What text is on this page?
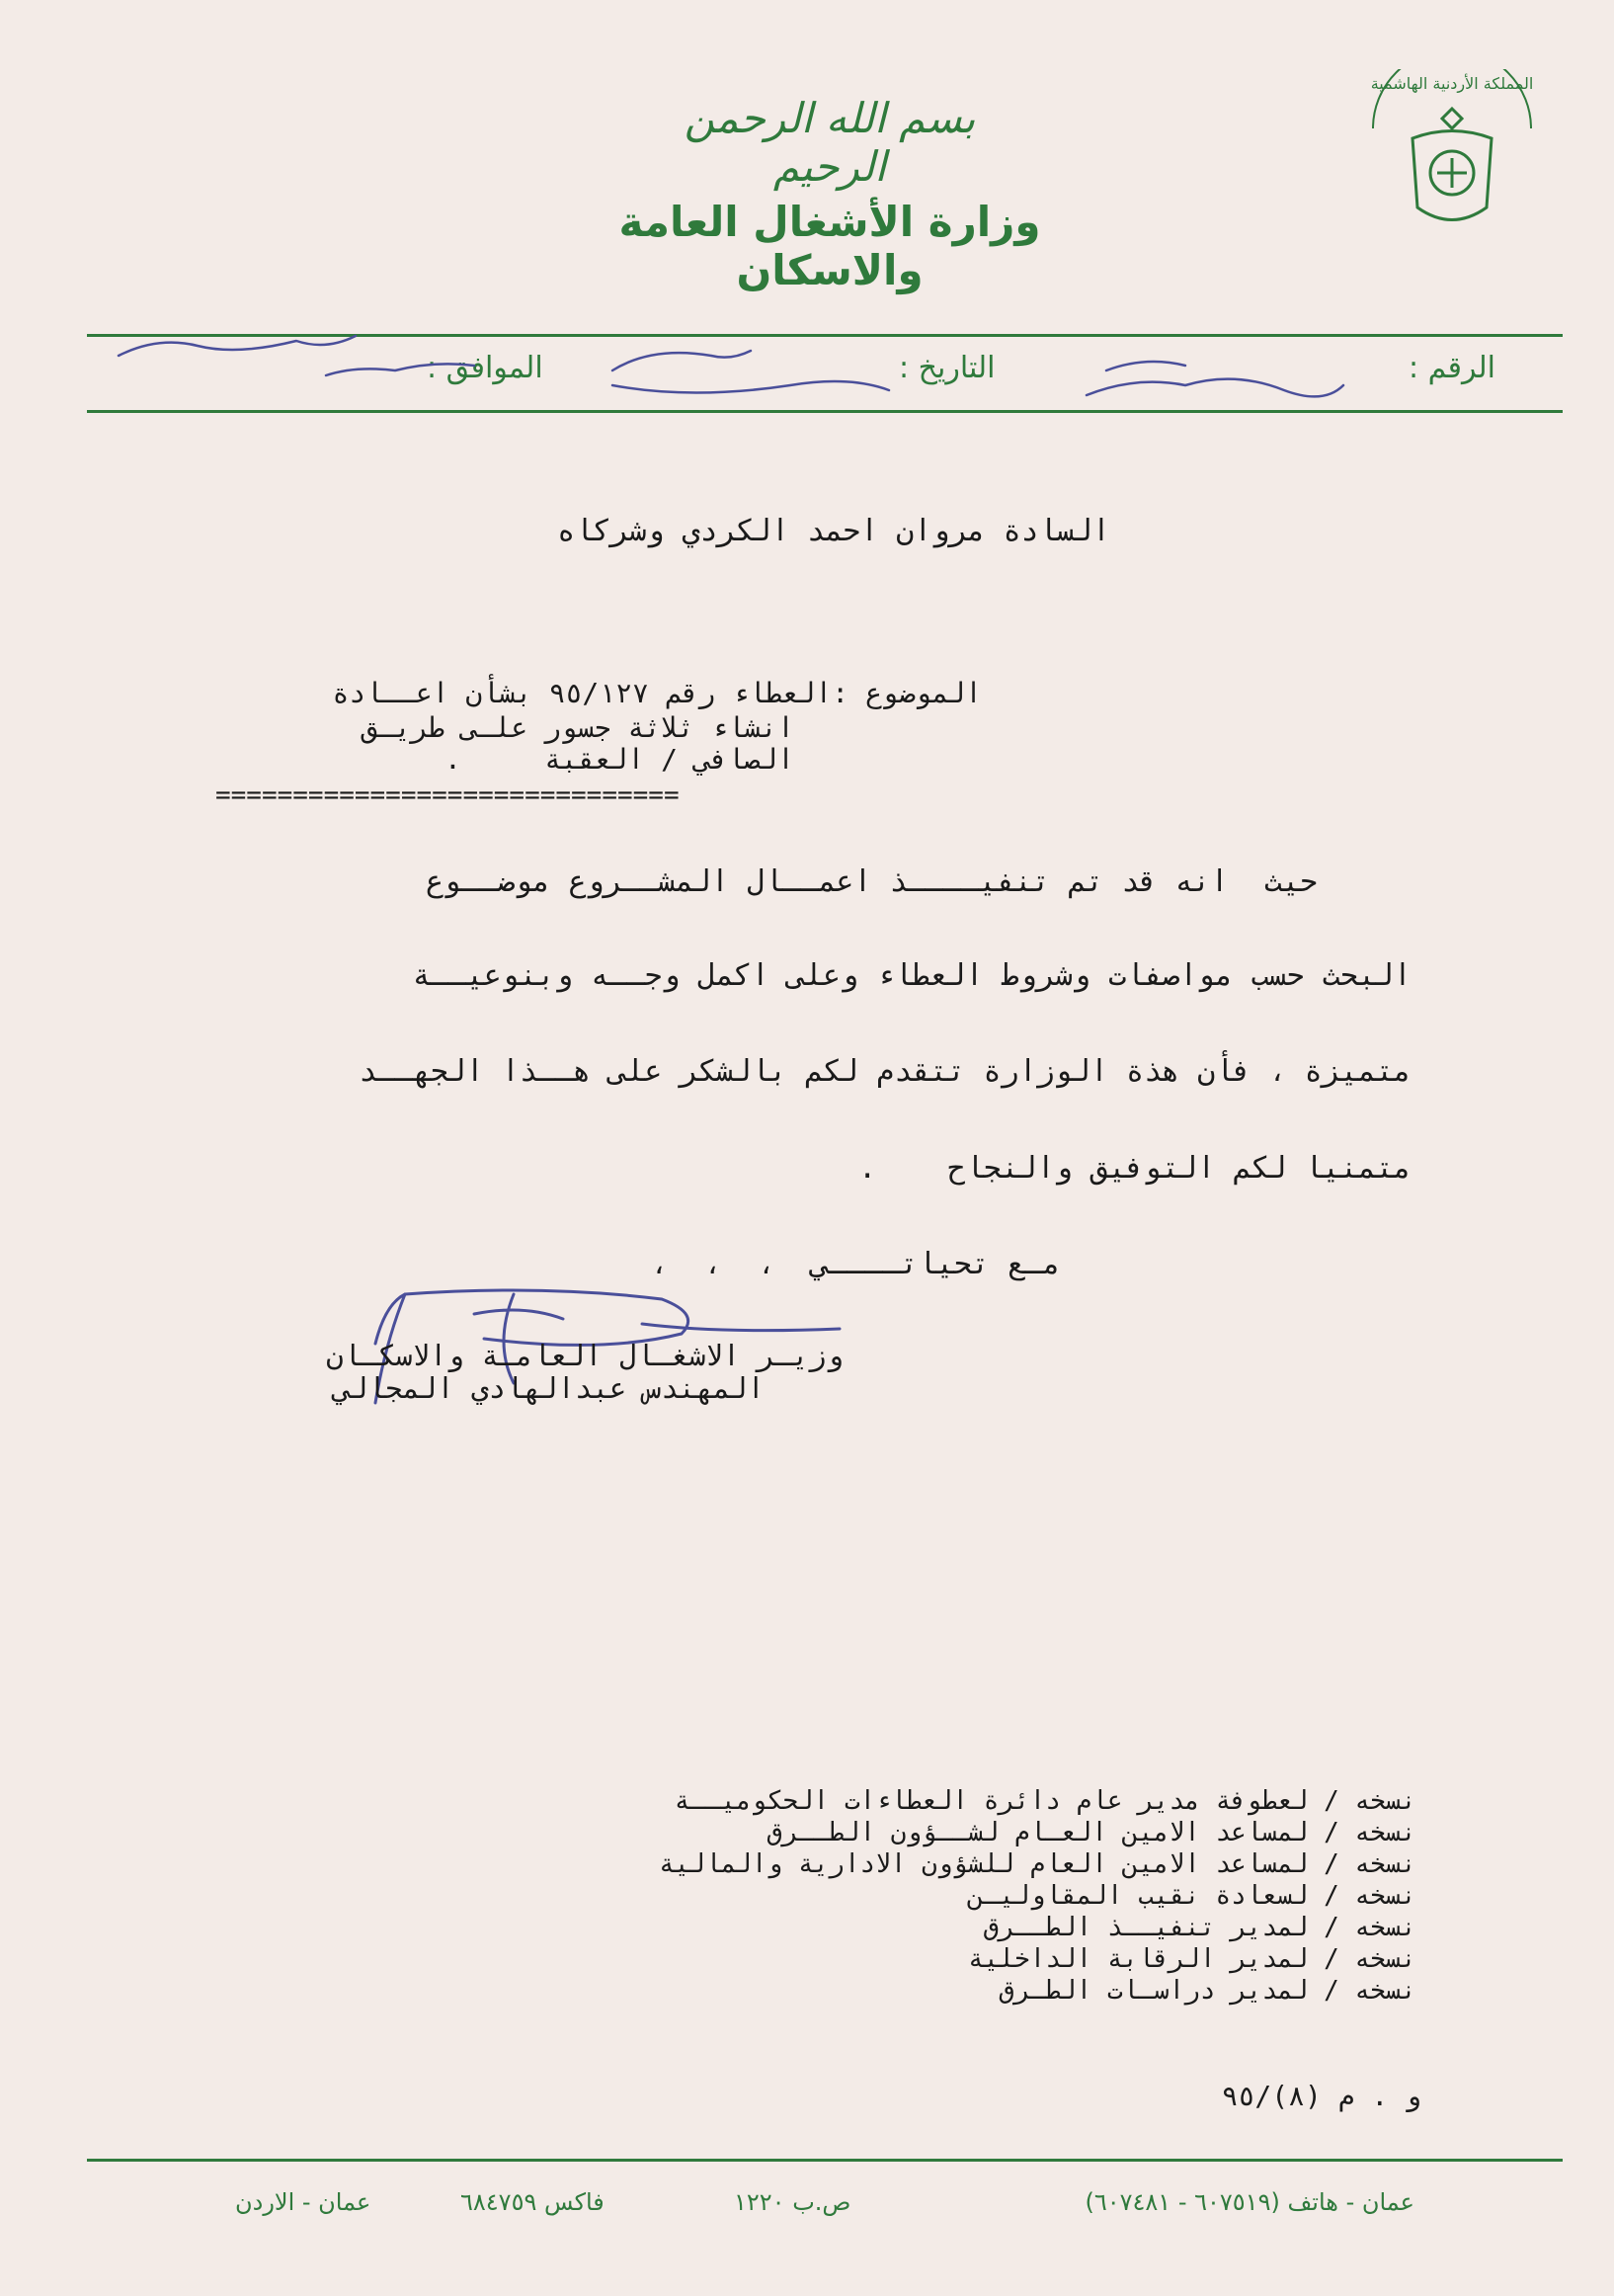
بسم الله الرحمن الرحيم
وزارة الأشغال العامة والاسكان
المملكة الأردنية الهاشمية
الرقم :
التاريخ :
الموافق :
السادة مروان احمد الكردي وشركاه
الموضوع :العطاء رقم ٩٥/١٢٧ بشأن اعــادة
انشاء ثلاثة جسور علـى طريـق
الصافي / العقبة     .
==============================
حيث  انه قد تم تنفيــــذ اعمــال المشــروع موضــوع
البحث حسب مواصفات وشروط العطاء وعلى اكمل وجــه وبنوعيــة
متميزة ، فأن هذة الوزارة تتقدم لكم بالشكر على هــذا الجهــد
متمنيا لكم التوفيق والنجاح    .
مـع تحياتــــي  ،  ،  ،
وزيـر الاشغـال العامـة والاسكـان
المهندس عبدالهادي المجالي
نسخه / لعطوفة مدير عام دائرة العطاءات الحكوميــة
نسخه / لمساعد الامين العـام لشــؤون الطــرق
نسخه / لمساعد الامين العام للشؤون الادارية والمالية
نسخه / لسعادة نقيب المقاوليـن
نسخه / لمدير تنفيــذ الطــرق
نسخه / لمدير الرقابة الداخلية
نسخه / لمدير دراسـات الطـرق
و . م (٨)/٩٥
عمان - هاتف (٦٠٧٥١٩ - ٦٠٧٤٨١)
ص.ب ١٢٢٠
فاكس ٦٨٤٧٥٩
عمان - الاردن
